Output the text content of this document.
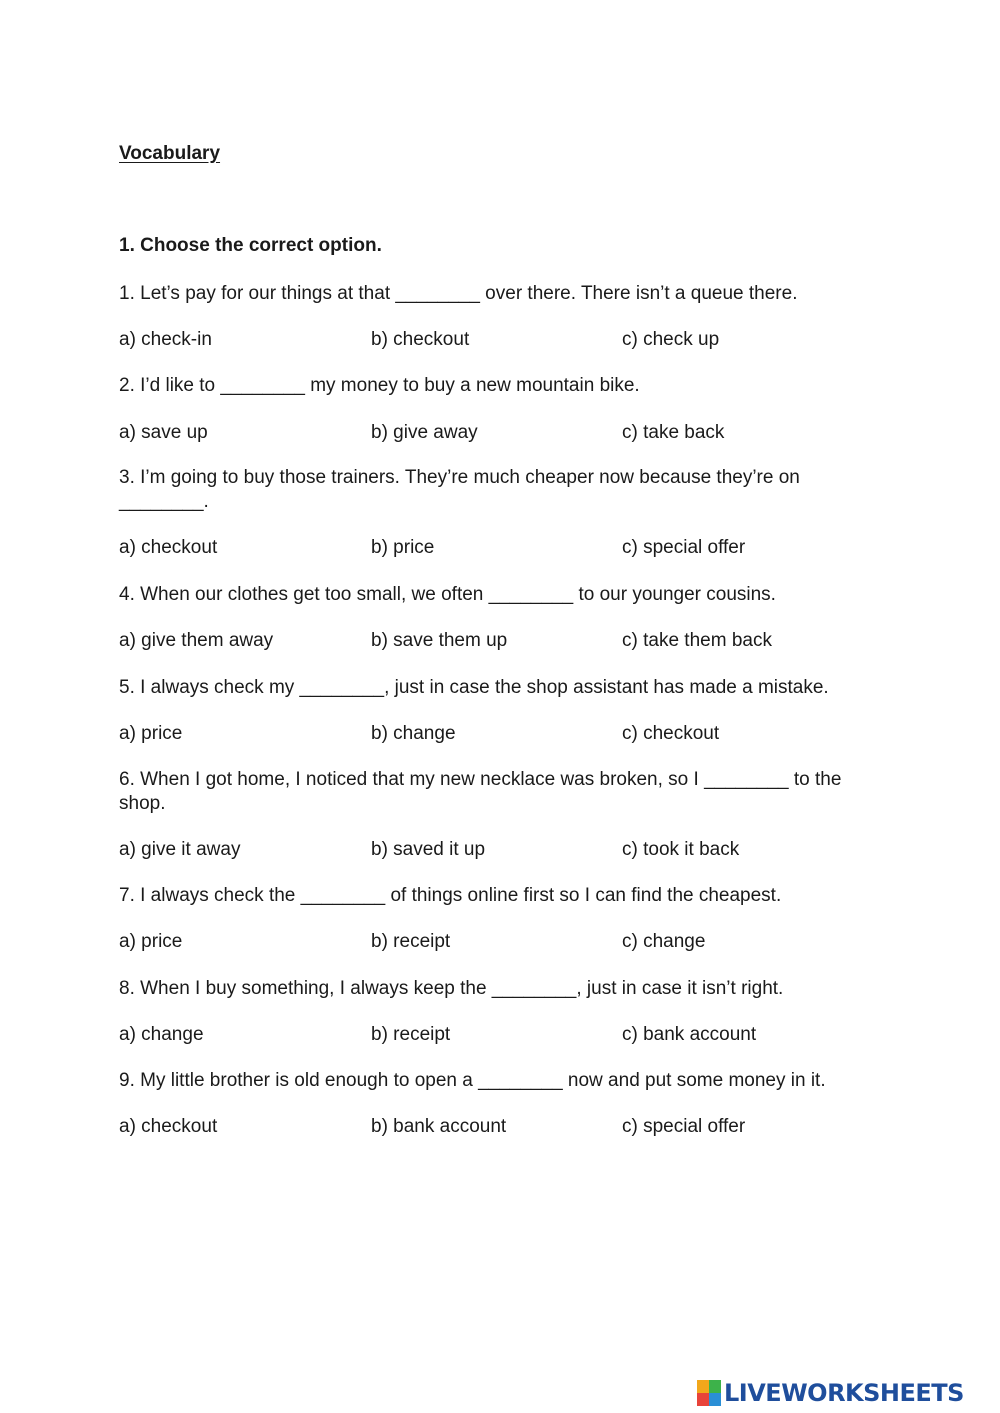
Vocabulary
1. Choose the correct option.
1. Let’s pay for our things at that ________ over there. There isn’t a queue there.
a) check-in	b) checkout	c) check up
2. I’d like to ________ my money to buy a new mountain bike.
a) save up	b) give away	c) take back
3. I’m going to buy those trainers. They’re much cheaper now because they’re on ________.
a) checkout	b) price	c) special offer
4. When our clothes get too small, we often ________ to our younger cousins.
a) give them away	b) save them up	c) take them back
5. I always check my ________, just in case the shop assistant has made a mistake.
a) price	b) change	c) checkout
6. When I got home, I noticed that my new necklace was broken, so I ________ to the shop.
a) give it away	b) saved it up	c) took it back
7. I always check the ________ of things online first so I can find the cheapest.
a) price	b) receipt	c) change
8. When I buy something, I always keep the ________, just in case it isn’t right.
a) change	b) receipt	c) bank account
9. My little brother is old enough to open a ________ now and put some money in it.
a) checkout	b) bank account	c) special offer
LIVEWORKSHEETS
